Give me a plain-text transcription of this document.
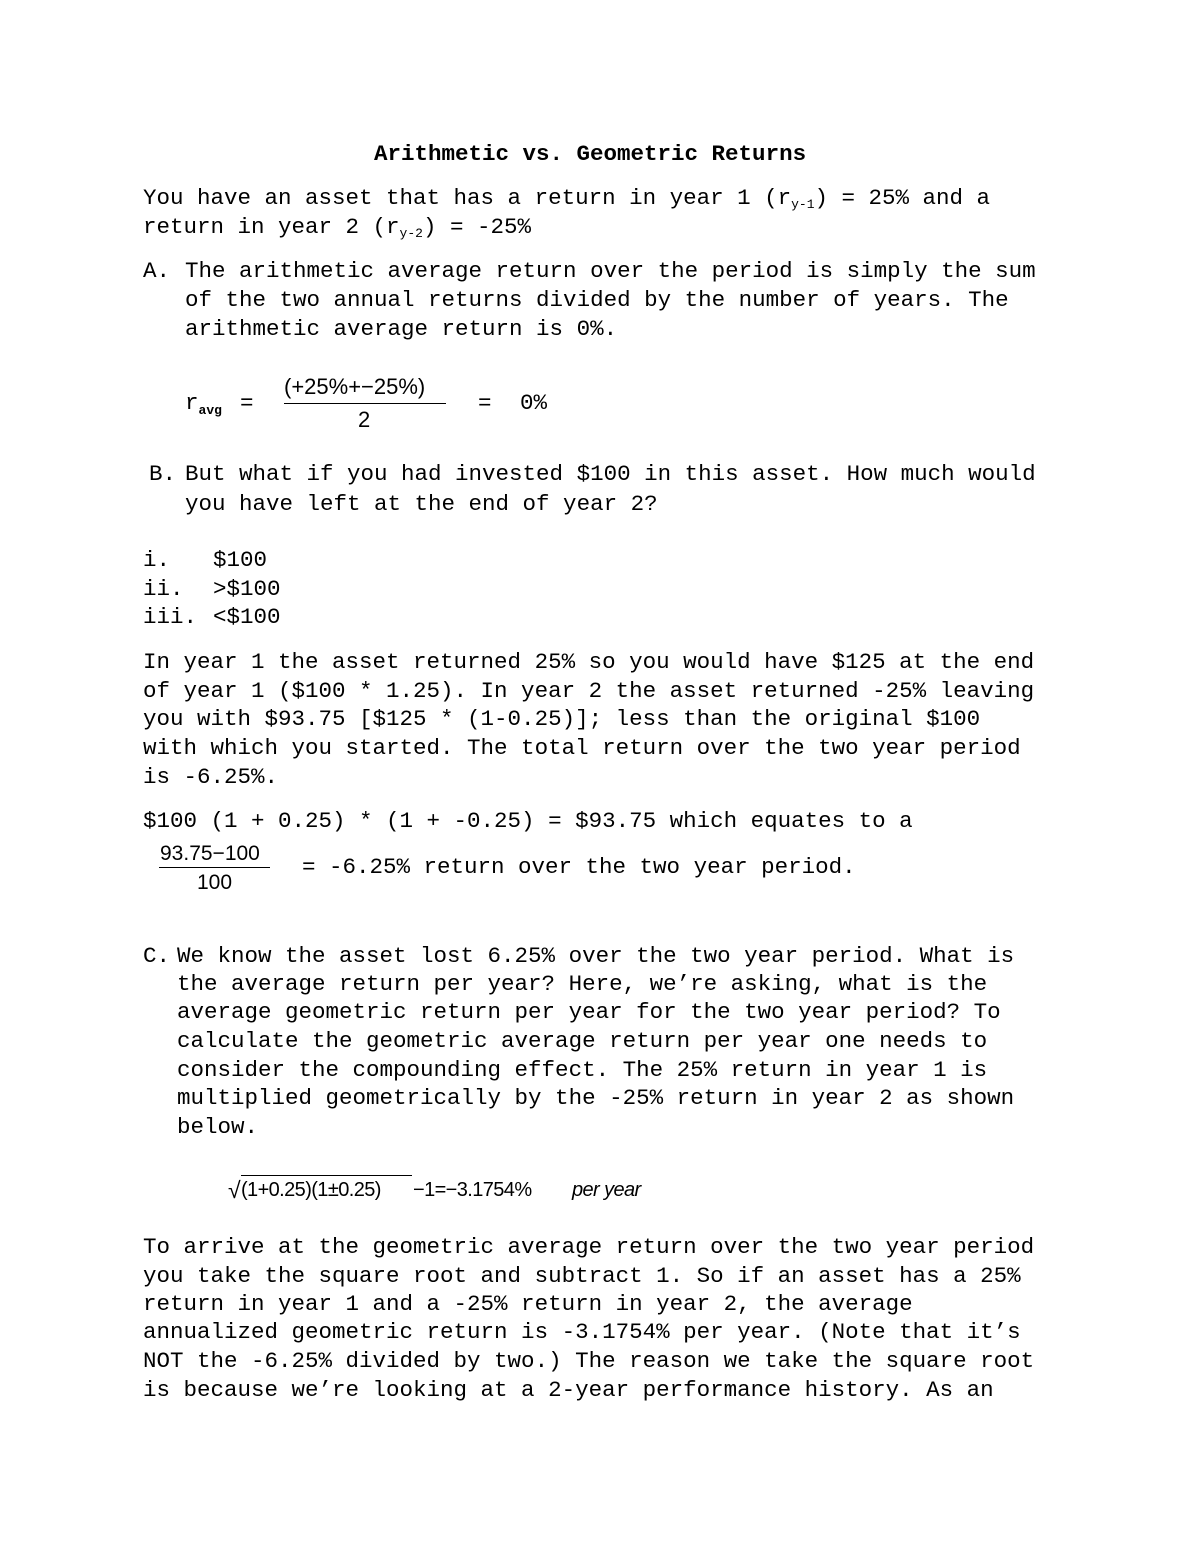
Arithmetic vs. Geometric Returns
You have an asset that has a return in year 1 $(r_{y-1}) = 25\%$ and a
return in year 2 $(r_{y-2}) = -25\%$
A. The arithmetic average return over the period is simply the sum
of the two annual returns divided by the number of years. The
arithmetic average return is 0%.
$r_{avg}$ =
(+25%+−25%)
2
= 0%
B. But what if you had invested $100 in this asset. How much would
you have left at the end of year 2?
i. $100
ii. >$100
iii. <$100
In year 1 the asset returned 25% so you would have $125 at the end
of year 1 ($100 * 1.25). In year 2 the asset returned -25% leaving
you with $93.75 [$125 * (1-0.25)]; less than the original $100
with which you started. The total return over the two year period
is -6.25%.
$100 (1 + 0.25) * (1 + -0.25) = $93.75 which equates to a
93.75−100
100
= -6.25% return over the two year period.
C. We know the asset lost 6.25% over the two year period. What is
the average return per year? Here, we’re asking, what is the
average geometric return per year for the two year period? To
calculate the geometric average return per year one needs to
consider the compounding effect. The 25% return in year 1 is
multiplied geometrically by the -25% return in year 2 as shown
below.
√ (1+0.25)(1±0.25) −1=−3.1754% per year
To arrive at the geometric average return over the two year period
you take the square root and subtract 1. So if an asset has a 25%
return in year 1 and a -25% return in year 2, the average
annualized geometric return is -3.1754% per year. (Note that it’s
NOT the -6.25% divided by two.) The reason we take the square root
is because we’re looking at a 2-year performance history. As an
